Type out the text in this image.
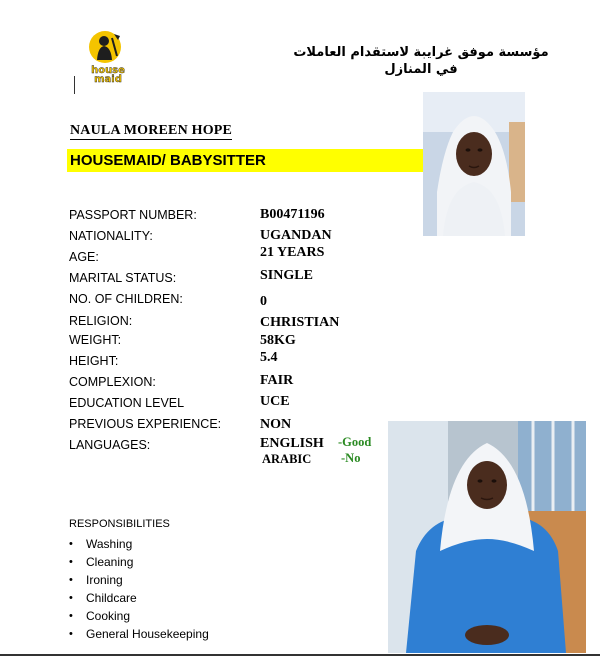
house
maid
مؤسسة موفق غرايبة لاستقدام العاملات في المنازل
NAULA MOREEN HOPE
HOUSEMAID/ BABYSITTER
PASSPORT NUMBER:	B00471196
NATIONALITY:	UGANDAN
AGE:	21 YEARS
MARITAL STATUS:	SINGLE
NO. OF CHILDREN:	0
RELIGION:	CHRISTIAN
WEIGHT:	58KG
HEIGHT:	5.4
COMPLEXION:	FAIR
EDUCATION LEVEL	UCE
PREVIOUS EXPERIENCE:	NON
LANGUAGES:	ENGLISH -Good
ARABIC -No
RESPONSIBILITIES
•	Washing
•	Cleaning
•	Ironing
•	Childcare
•	Cooking
•	General Housekeeping
